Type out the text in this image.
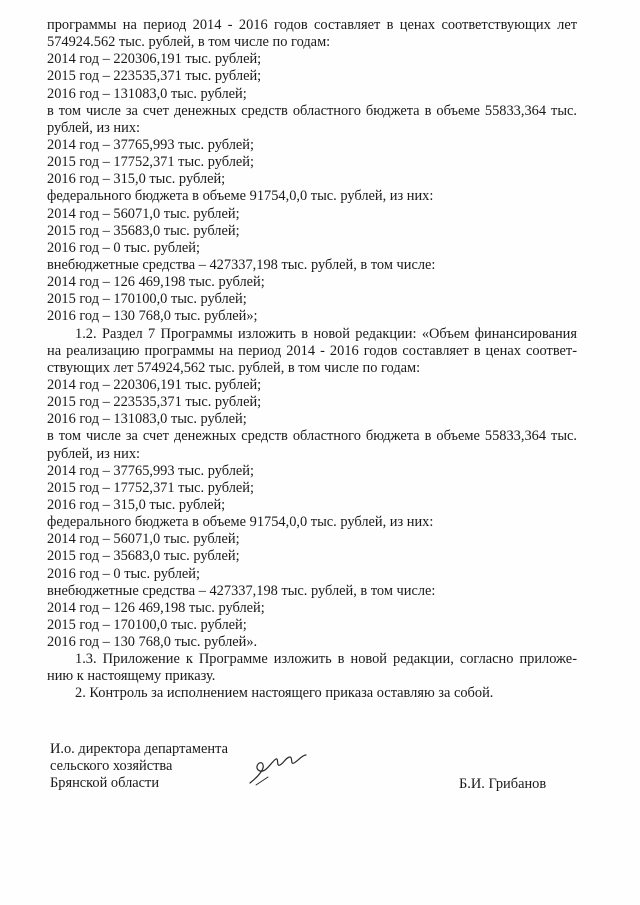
программы на период 2014 - 2016 годов составляет в ценах соответствующих лет
574924.562 тыс. рублей, в том числе по годам:
2014 год – 220306,191 тыс. рублей;
2015 год – 223535,371 тыс. рублей;
2016 год – 131083,0 тыс. рублей;
в том числе за счет денежных средств областного бюджета в объеме 55833,364 тыс.
рублей, из них:
2014 год – 37765,993 тыс. рублей;
2015 год – 17752,371 тыс. рублей;
2016 год – 315,0 тыс. рублей;
федерального бюджета в объеме 91754,0,0 тыс. рублей, из них:
2014 год – 56071,0 тыс. рублей;
2015 год – 35683,0 тыс. рублей;
2016 год – 0 тыс. рублей;
внебюджетные средства – 427337,198 тыс. рублей, в том числе:
2014 год – 126 469,198 тыс. рублей;
2015 год – 170100,0 тыс. рублей;
2016 год – 130 768,0 тыс. рублей»;
1.2. Раздел 7 Программы изложить в новой редакции: «Объем финансирования
на реализацию программы на период 2014 - 2016 годов составляет в ценах соответ-
ствующих лет 574924,562 тыс. рублей, в том числе по годам:
2014 год – 220306,191 тыс. рублей;
2015 год – 223535,371 тыс. рублей;
2016 год – 131083,0 тыс. рублей;
в том числе за счет денежных средств областного бюджета в объеме 55833,364 тыс.
рублей, из них:
2014 год – 37765,993 тыс. рублей;
2015 год – 17752,371 тыс. рублей;
2016 год – 315,0 тыс. рублей;
федерального бюджета в объеме 91754,0,0 тыс. рублей, из них:
2014 год – 56071,0 тыс. рублей;
2015 год – 35683,0 тыс. рублей;
2016 год – 0 тыс. рублей;
внебюджетные средства – 427337,198 тыс. рублей, в том числе:
2014 год – 126 469,198 тыс. рублей;
2015 год – 170100,0 тыс. рублей;
2016 год – 130 768,0 тыс. рублей».
1.3. Приложение к Программе изложить в новой редакции, согласно приложе-
нию к настоящему приказу.
2. Контроль за исполнением настоящего приказа оставляю за собой.
И.о. директора департамента
сельского хозяйства
Брянской области	Б.И. Грибанов
